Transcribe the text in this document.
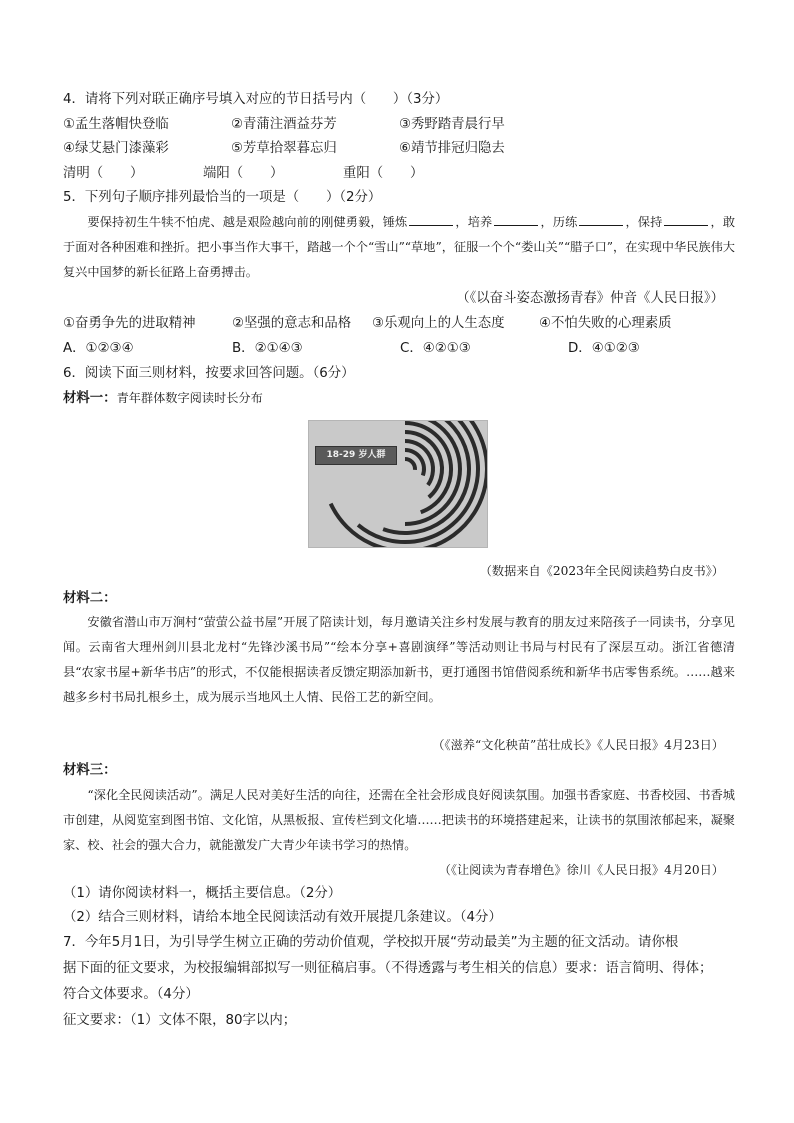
4．请将下列对联正确序号填入对应的节日括号内（　　）（3分）
①孟生落帽快登临	②青蒲注酒益芬芳	③秀野踏青晨行早
④绿艾悬门漆藻彩	⑤芳草拾翠暮忘归	⑥靖节排冠归隐去
清明（　　）	端阳（　　）	重阳（　　）
5．下列句子顺序排列最恰当的一项是（　　）（2分）

要保持初生牛犊不怕虎、越是艰险越向前的刚健勇毅，锤炼	，培养	，历练	，保持	，敢于面对各种困难和挫折。把小事当作大事干，踏越一个个“雪山”“草地”，征服一个个“娄山关”“腊子口”，在实现中华民族伟大复兴中国梦的新长征路上奋勇搏击。

（《以奋斗姿态激扬青春》仲音《人民日报》）
①奋勇争先的进取精神	②坚强的意志和品格 ③乐观向上的人生态度	④不怕失败的心理素质
A．①②③④	B．②①④③	C．④②①③	D．④①②③
6．阅读下面三则材料，按要求回答问题。（6分）
材料一：青年群体数字阅读时长分布
18-29 岁人群
（数据来自《2023年全民阅读趋势白皮书》）
材料二：

安徽省潜山市万涧村“萤萤公益书屋”开展了陪读计划，每月邀请关注乡村发展与教育的朋友过来陪孩子一同读书，分享见闻。云南省大理州剑川县北龙村“先锋沙溪书局”“绘本分享+喜剧演绎”等活动则让书局与村民有了深层互动。浙江省德清县“农家书屋+新华书店”的形式，不仅能根据读者反馈定期添加新书，更打通图书馆借阅系统和新华书店零售系统。……越来越多乡村书局扎根乡土，成为展示当地风土人情、民俗工艺的新空间。

（《滋养“文化秧苗”茁壮成长》《人民日报》4月23日）
材料三：

“深化全民阅读活动”。满足人民对美好生活的向往，还需在全社会形成良好阅读氛围。加强书香家庭、书香校园、书香城市创建，从阅览室到图书馆、文化馆，从黑板报、宣传栏到文化墙……把读书的环境搭建起来，让读书的氛围浓郁起来，凝聚家、校、社会的强大合力，就能激发广大青少年读书学习的热情。

（《让阅读为青春增色》徐川《人民日报》4月20日）
（1）请你阅读材料一，概括主要信息。（2分）
（2）结合三则材料，请给本地全民阅读活动有效开展提几条建议。（4分）
7．今年5月1日，为引导学生树立正确的劳动价值观，学校拟开展“劳动最美”为主题的征文活动。请你根
据下面的征文要求，为校报编辑部拟写一则征稿启事。（不得透露与考生相关的信息）要求：语言简明、得体；
符合文体要求。（4分）
征文要求：（1）文体不限，80字以内；
